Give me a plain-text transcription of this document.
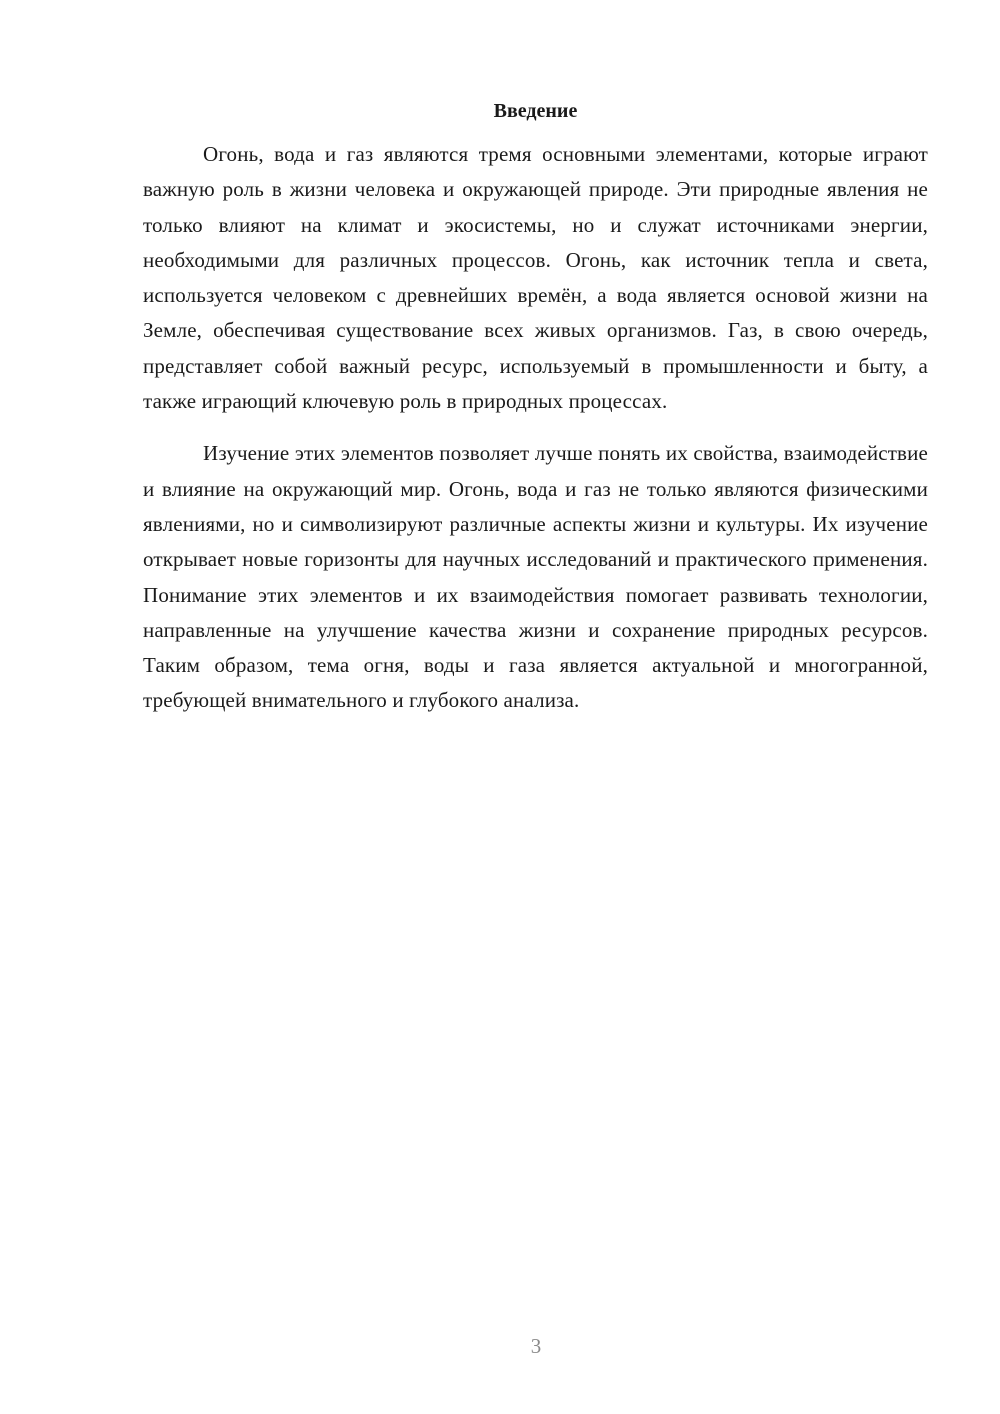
Введение

Огонь, вода и газ являются тремя основными элементами, которые играют важную роль в жизни человека и окружающей природе. Эти природные явления не только влияют на климат и экосистемы, но и служат источниками энергии, необходимыми для различных процессов. Огонь, как источник тепла и света, используется человеком с древнейших времён, а вода является основой жизни на Земле, обеспечивая существование всех живых организмов. Газ, в свою очередь, представляет собой важный ресурс, используемый в промышленности и быту, а также играющий ключевую роль в природных процессах.

Изучение этих элементов позволяет лучше понять их свойства, взаимодействие и влияние на окружающий мир. Огонь, вода и газ не только являются физическими явлениями, но и символизируют различные аспекты жизни и культуры. Их изучение открывает новые горизонты для научных исследований и практического применения. Понимание этих элементов и их взаимодействия помогает развивать технологии, направленные на улучшение качества жизни и сохранение природных ресурсов. Таким образом, тема огня, воды и газа является актуальной и многогранной, требующей внимательного и глубокого анализа.

3
